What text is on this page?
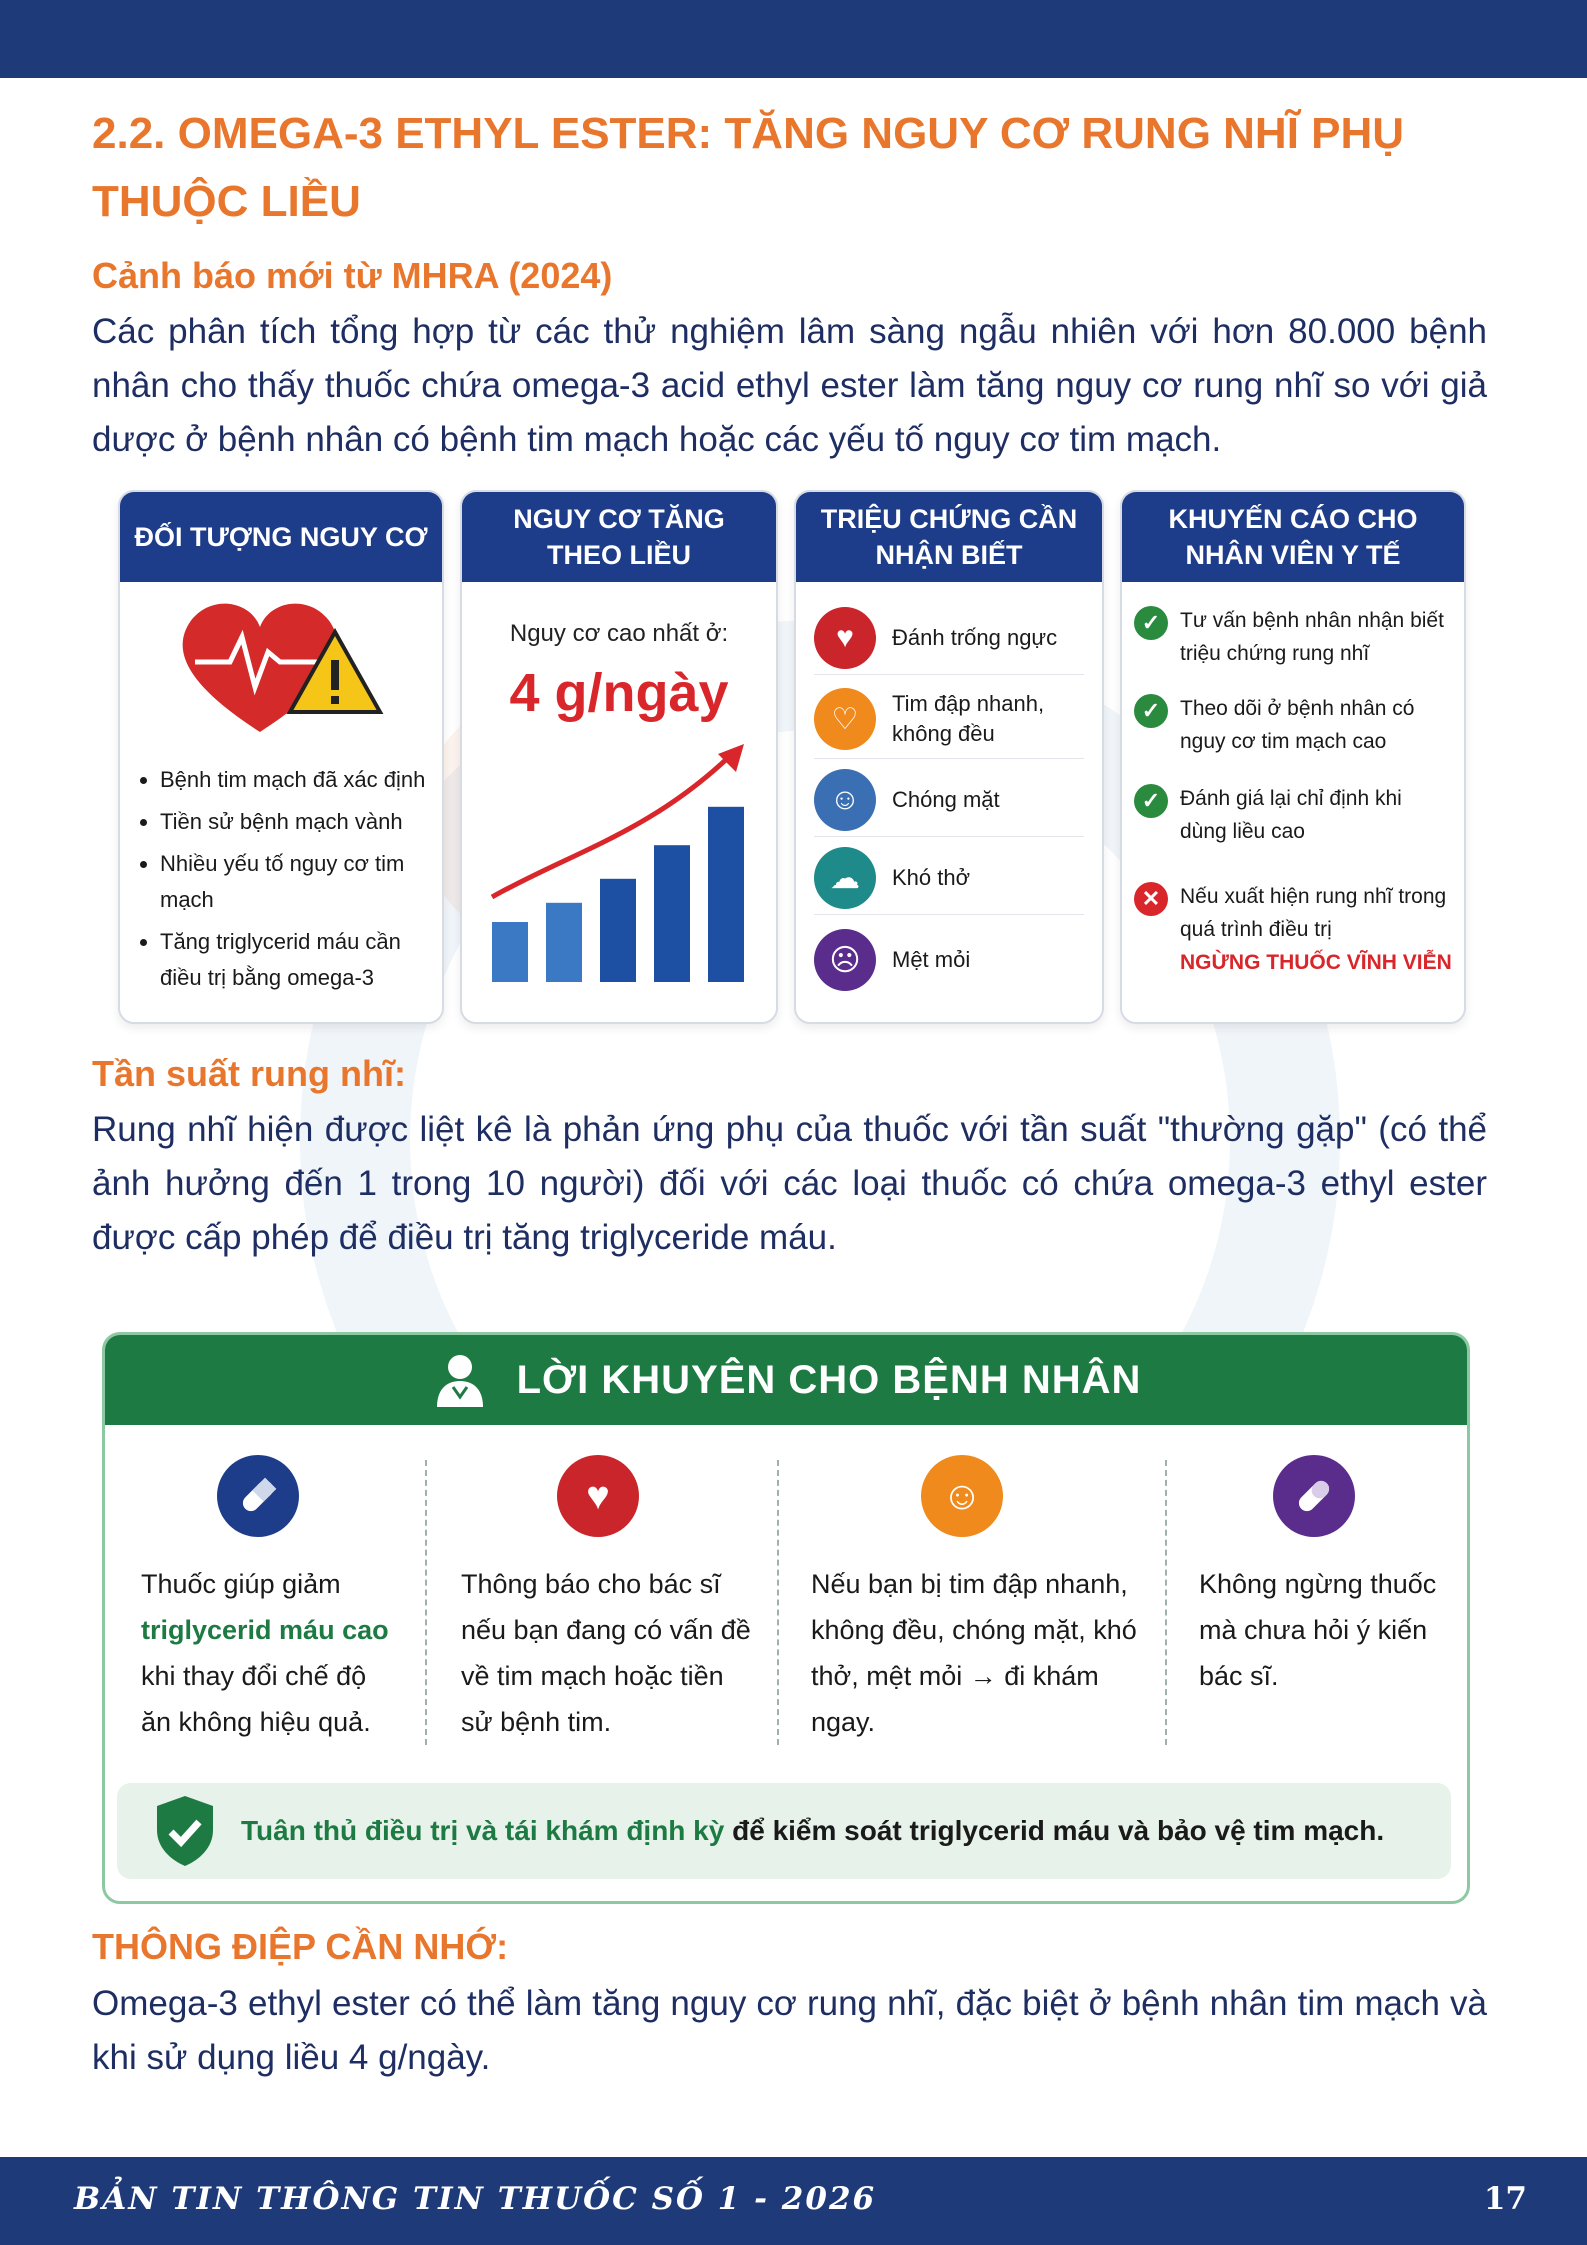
2.2. OMEGA-3 ETHYL ESTER: TĂNG NGUY CƠ RUNG NHĨ PHỤ THUỘC LIỀU
Cảnh báo mới từ MHRA (2024)
Các phân tích tổng hợp từ các thử nghiệm lâm sàng ngẫu nhiên với hơn 80.000 bệnh nhân cho thấy thuốc chứa omega-3 acid ethyl ester làm tăng nguy cơ rung nhĩ so với giả dược ở bệnh nhân có bệnh tim mạch hoặc các yếu tố nguy cơ tim mạch.
ĐỐI TƯỢNG NGUY CƠ
• Bệnh tim mạch đã xác định
• Tiền sử bệnh mạch vành
• Nhiều yếu tố nguy cơ tim mạch
• Tăng triglycerid máu cần điều trị bằng omega-3
NGUY CƠ TĂNG THEO LIỀU
Nguy cơ cao nhất ở:
4 g/ngày
TRIỆU CHỨNG CẦN NHẬN BIẾT
♥	Đánh trống ngực
♡	Tim đập nhanh, không đều
☺	Chóng mặt
☁	Khó thở
☹	Mệt mỏi
KHUYẾN CÁO CHO NHÂN VIÊN Y TẾ
✓ Tư vấn bệnh nhân nhận biết triệu chứng rung nhĩ
✓ Theo dõi ở bệnh nhân có nguy cơ tim mạch cao
✓ Đánh giá lại chỉ định khi dùng liều cao
✕ Nếu xuất hiện rung nhĩ trong quá trình điều trị
NGỪNG THUỐC VĨNH VIỄN
Tần suất rung nhĩ:
Rung nhĩ hiện được liệt kê là phản ứng phụ của thuốc với tần suất "thường gặp" (có thể ảnh hưởng đến 1 trong 10 người) đối với các loại thuốc có chứa omega-3 ethyl ester được cấp phép để điều trị tăng triglyceride máu.
LỜI KHUYÊN CHO BỆNH NHÂN
Thuốc giúp giảm triglycerid máu cao khi thay đổi chế độ ăn không hiệu quả.
♥
Thông báo cho bác sĩ nếu bạn đang có vấn đề về tim mạch hoặc tiền sử bệnh tim.
☺
Nếu bạn bị tim đập nhanh, không đều, chóng mặt, khó thở, mệt mỏi → đi khám ngay.
Không ngừng thuốc mà chưa hỏi ý kiến bác sĩ.
Tuân thủ điều trị và tái khám định kỳ để kiểm soát triglycerid máu và bảo vệ tim mạch.
THÔNG ĐIỆP CẦN NHỚ:
Omega-3 ethyl ester có thể làm tăng nguy cơ rung nhĩ, đặc biệt ở bệnh nhân tim mạch và khi sử dụng liều 4 g/ngày.
BẢN TIN THÔNG TIN THUỐC SỐ 1 - 2026	17
